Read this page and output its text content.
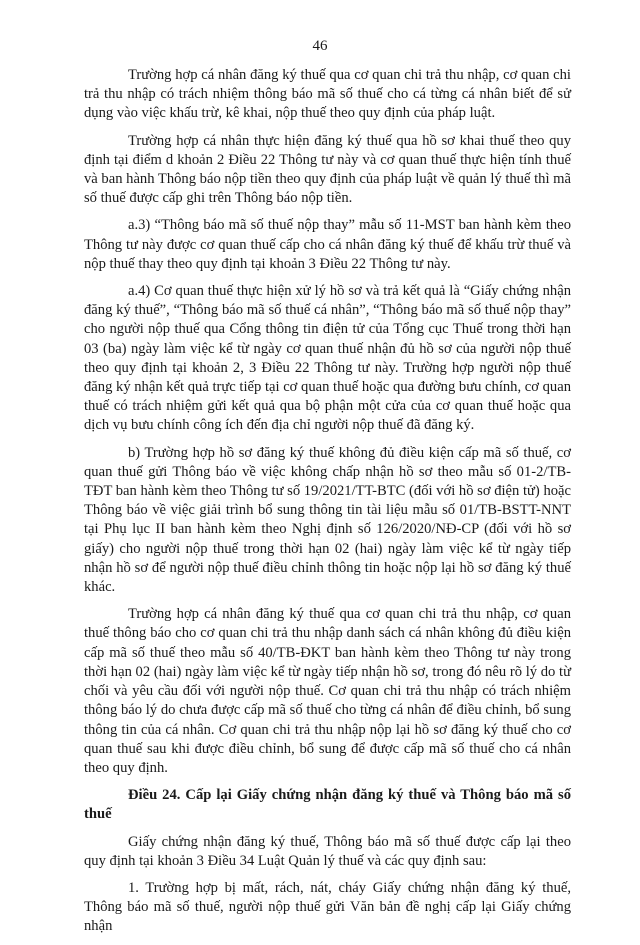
46

Trường hợp cá nhân đăng ký thuế qua cơ quan chi trả thu nhập, cơ quan chi trả thu nhập có trách nhiệm thông báo mã số thuế cho cá từng cá nhân biết để sử dụng vào việc khấu trừ, kê khai, nộp thuế theo quy định của pháp luật.

Trường hợp cá nhân thực hiện đăng ký thuế qua hồ sơ khai thuế theo quy định tại điểm d khoản 2 Điều 22 Thông tư này và cơ quan thuế thực hiện tính thuế và ban hành Thông báo nộp tiền theo quy định của pháp luật về quản lý thuế thì mã số thuế được cấp ghi trên Thông báo nộp tiền.

a.3) “Thông báo mã số thuế nộp thay” mẫu số 11-MST ban hành kèm theo Thông tư này được cơ quan thuế cấp cho cá nhân đăng ký thuế để khấu trừ thuế và nộp thuế thay theo quy định tại khoản 3 Điều 22 Thông tư này.

a.4) Cơ quan thuế thực hiện xử lý hồ sơ và trả kết quả là “Giấy chứng nhận đăng ký thuế”, “Thông báo mã số thuế cá nhân”, “Thông báo mã số thuế nộp thay” cho người nộp thuế qua Cổng thông tin điện tử của Tổng cục Thuế trong thời hạn 03 (ba) ngày làm việc kể từ ngày cơ quan thuế nhận đủ hồ sơ của người nộp thuế theo quy định tại khoản 2, 3 Điều 22 Thông tư này. Trường hợp người nộp thuế đăng ký nhận kết quả trực tiếp tại cơ quan thuế hoặc qua đường bưu chính, cơ quan thuế có trách nhiệm gửi kết quả qua bộ phận một cửa của cơ quan thuế hoặc qua dịch vụ bưu chính công ích đến địa chỉ người nộp thuế đã đăng ký.

b) Trường hợp hồ sơ đăng ký thuế không đủ điều kiện cấp mã số thuế, cơ quan thuế gửi Thông báo về việc không chấp nhận hồ sơ theo mẫu số 01-2/TB-TĐT ban hành kèm theo Thông tư số 19/2021/TT-BTC (đối với hồ sơ điện tử) hoặc Thông báo về việc giải trình bổ sung thông tin tài liệu mẫu số 01/TB-BSTT-NNT tại Phụ lục II ban hành kèm theo Nghị định số 126/2020/NĐ-CP (đối với hồ sơ giấy) cho người nộp thuế trong thời hạn 02 (hai) ngày làm việc kể từ ngày tiếp nhận hồ sơ để người nộp thuế điều chỉnh thông tin hoặc nộp lại hồ sơ đăng ký thuế khác.

Trường hợp cá nhân đăng ký thuế qua cơ quan chi trả thu nhập, cơ quan thuế thông báo cho cơ quan chi trả thu nhập danh sách cá nhân không đủ điều kiện cấp mã số thuế theo mẫu số 40/TB-ĐKT ban hành kèm theo Thông tư này trong thời hạn 02 (hai) ngày làm việc kể từ ngày tiếp nhận hồ sơ, trong đó nêu rõ lý do từ chối và yêu cầu đối với người nộp thuế. Cơ quan chi trả thu nhập có trách nhiệm thông báo lý do chưa được cấp mã số thuế cho từng cá nhân để điều chỉnh, bổ sung thông tin của cá nhân. Cơ quan chi trả thu nhập nộp lại hồ sơ đăng ký thuế cho cơ quan thuế sau khi được điều chỉnh, bổ sung để được cấp mã số thuế cho cá nhân theo quy định.

Điều 24. Cấp lại Giấy chứng nhận đăng ký thuế và Thông báo mã số thuế

Giấy chứng nhận đăng ký thuế, Thông báo mã số thuế được cấp lại theo quy định tại khoản 3 Điều 34 Luật Quản lý thuế và các quy định sau:

1. Trường hợp bị mất, rách, nát, cháy Giấy chứng nhận đăng ký thuế, Thông báo mã số thuế, người nộp thuế gửi Văn bản đề nghị cấp lại Giấy chứng nhận
